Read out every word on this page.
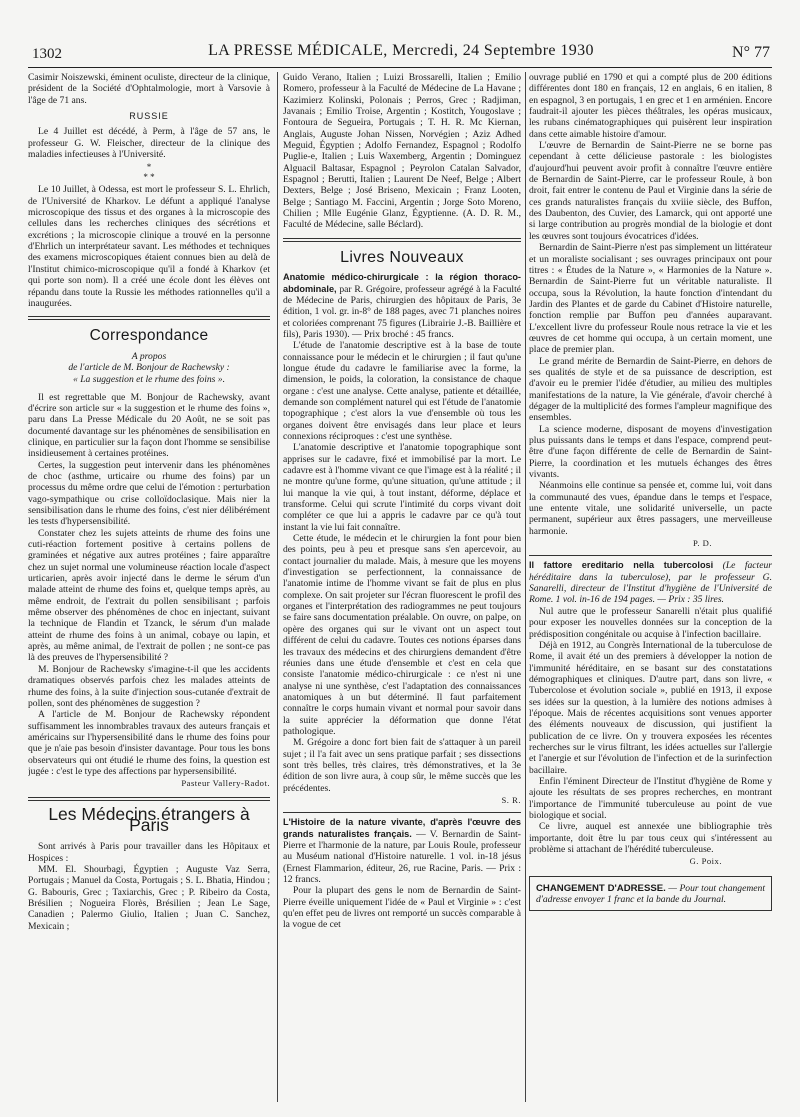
1302	LA PRESSE MÉDICALE, Mercredi, 24 Septembre 1930	N° 77

Casimir Noiszewski, éminent oculiste, directeur de la clinique, président de la Société d'Ophtalmologie, mort à Varsovie à l'âge de 71 ans.

RUSSIE

Le 4 Juillet est décédé, à Perm, à l'âge de 57 ans, le professeur G. W. Fleischer, directeur de la clinique des maladies infectieuses à l'Université.

*
* *

Le 10 Juillet, à Odessa, est mort le professeur S. L. Ehrlich, de l'Université de Kharkov. Le défunt a appliqué l'analyse microscopique des tissus et des organes à la microscopie des cellules dans les recherches cliniques des sécrétions et excrétions ; la microscopie clinique a trouvé en la personne d'Ehrlich un interprétateur savant. Les méthodes et techniques des examens microscopiques étaient connues bien au delà de l'Institut chimico-microscopique qu'il a fondé à Kharkov (et qui porte son nom). Il a créé une école dont les élèves ont répandu dans toute la Russie les méthodes rationnelles qu'il a inaugurées.

Correspondance

A propos

de l'article de M. Bonjour de Rachewsky :

« La suggestion et le rhume des foins ».

Il est regrettable que M. Bonjour de Rachewsky, avant d'écrire son article sur « la suggestion et le rhume des foins », paru dans La Presse Médicale du 20 Août, ne se soit pas documenté davantage sur les phénomènes de sensibilisation en clinique, en particulier sur la façon dont l'homme se sensibilise insidieusement à certaines protéines.

Certes, la suggestion peut intervenir dans les phénomènes de choc (asthme, urticaire ou rhume des foins) par un processus du même ordre que celui de l'émotion : perturbation vago-sympathique ou crise colloïdoclasique. Mais nier la sensibilisation dans le rhume des foins, c'est nier délibérément les tests d'hypersensibilité.

Constater chez les sujets atteints de rhume des foins une cuti-réaction fortement positive à certains pollens de graminées et négative aux autres protéines ; faire apparaître chez un sujet normal une volumineuse réaction locale d'aspect urticarien, après avoir injecté dans le derme le sérum d'un malade atteint de rhume des foins et, quelque temps après, au même endroit, de l'extrait du pollen sensibilisant ; parfois même observer des phénomènes de choc en injectant, suivant la technique de Flandin et Tzanck, le sérum d'un malade atteint de rhume des foins à un animal, cobaye ou lapin, et après, au même animal, de l'extrait de pollen ; ne sont-ce pas là des preuves de l'hypersensibilité ?

M. Bonjour de Rachewsky s'imagine-t-il que les accidents dramatiques observés parfois chez les malades atteints de rhume des foins, à la suite d'injection sous-cutanée d'extrait de pollen, sont des phénomènes de suggestion ?

A l'article de M. Bonjour de Rachewsky répondent suffisamment les innombrables travaux des auteurs français et américains sur l'hypersensibilité dans le rhume des foins pour que je n'aie pas besoin d'insister davantage. Pour tous les bons observateurs qui ont étudié le rhume des foins, la question est jugée : c'est le type des affections par hypersensibilité.

Pasteur Vallery-Radot.
Les Médecins étrangers à Paris

Sont arrivés à Paris pour travailler dans les Hôpitaux et Hospices :

MM. El. Shourbagi, Égyptien ; Auguste Vaz Serra, Portugais ; Manuel da Costa, Portugais ; S. L. Bhatia, Hindou ; G. Babouris, Grec ; Taxiarchis, Grec ; P. Ribeiro da Costa, Brésilien ; Nogueira Florès, Brésilien ; Jean Le Sage, Canadien ; Palermo Giulio, Italien ; Juan C. Sanchez, Mexicain ;

Guido Verano, Italien ; Luizi Brossarelli, Italien ; Emilio Romero, professeur à la Faculté de Médecine de La Havane ; Kazimierz Kolinski, Polonais ; Perros, Grec ; Radjiman, Javanais ; Emilio Troise, Argentin ; Kostitch, Yougoslave ; Fontoura de Segueira, Portugais ; T. H. R. Mc Kiernan, Anglais, Auguste Johan Nissen, Norvégien ; Aziz Adhed Meguid, Égyptien ; Adolfo Fernandez, Espagnol ; Rodolfo Puglie-e, Italien ; Luis Waxemberg, Argentin ; Dominguez Alguacil Baltasar, Espagnol ; Peyrolon Catalan Salvador, Espagnol ; Berutti, Italien ; Laurent De Neef, Belge ; Albert Dexters, Belge ; José Briseno, Mexicain ; Franz Looten, Belge ; Santiago M. Faccini, Argentin ; Jorge Soto Moreno, Chilien ; Mlle Eugénie Glanz, Égyptienne. (A. D. R. M., Faculté de Médecine, salle Béclard).

Livres Nouveaux

Anatomie médico-chirurgicale : la région thoraco-abdominale, par R. Grégoire, professeur agrégé à la Faculté de Médecine de Paris, chirurgien des hôpitaux de Paris, 3e édition, 1 vol. gr. in-8° de 188 pages, avec 71 planches noires et coloriées comprenant 75 figures (Librairie J.-B. Baillière et fils), Paris 1930). — Prix broché : 45 francs.

L'étude de l'anatomie descriptive est à la base de toute connaissance pour le médecin et le chirurgien ; il faut qu'une longue étude du cadavre le familiarise avec la forme, la dimension, le poids, la coloration, la consistance de chaque organe : c'est une analyse. Cette analyse, patiente et détaillée, demande son complément naturel qui est l'étude de l'anatomie topographique ; c'est alors la vue d'ensemble où tous les organes doivent être envisagés dans leur place et leurs connexions réciproques : c'est une synthèse.

L'anatomie descriptive et l'anatomie topographique sont apprises sur le cadavre, fixé et immobilisé par la mort. Le cadavre est à l'homme vivant ce que l'image est à la réalité ; il ne montre qu'une forme, qu'une situation, qu'une attitude ; il lui manque la vie qui, à tout instant, déforme, déplace et transforme. Celui qui scrute l'intimité du corps vivant doit compléter ce que lui a appris le cadavre par ce qu'à tout instant la vie lui fait connaître.

Cette étude, le médecin et le chirurgien la font pour bien des points, peu à peu et presque sans s'en apercevoir, au contact journalier du malade. Mais, à mesure que les moyens d'investigation se perfectionnent, la connaissance de l'anatomie intime de l'homme vivant se fait de plus en plus complexe. On sait projeter sur l'écran fluorescent le profil des organes et l'interprétation des radiogrammes ne peut toujours se faire sans documentation préalable. On ouvre, on palpe, on opère des organes qui sur le vivant ont un aspect tout différent de celui du cadavre. Toutes ces notions éparses dans les travaux des médecins et des chirurgiens demandent d'être réunies dans une étude d'ensemble et c'est en cela que consiste l'anatomie médico-chirurgicale : ce n'est ni une analyse ni une synthèse, c'est l'adaptation des connaissances anatomiques à un but déterminé. Il faut parfaitement connaître le corps humain vivant et normal pour savoir dans la suite apprécier la déformation que donne l'état pathologique.

M. Grégoire a donc fort bien fait de s'attaquer à un pareil sujet ; il l'a fait avec un sens pratique parfait ; ses dissections sont très belles, très claires, très démonstratives, et la 3e édition de son livre aura, à coup sûr, le même succès que les précédentes.

S. R.

L'Histoire de la nature vivante, d'après l'œuvre des grands naturalistes français. — V. Bernardin de Saint-Pierre et l'harmonie de la nature, par Louis Roule, professeur au Muséum national d'Histoire naturelle. 1 vol. in-18 jésus (Ernest Flammarion, éditeur, 26, rue Racine, Paris. — Prix : 12 francs.

Pour la plupart des gens le nom de Bernardin de Saint-Pierre éveille uniquement l'idée de « Paul et Virginie » : c'est qu'en effet peu de livres ont remporté un succès comparable à la vogue de cet

ouvrage publié en 1790 et qui a compté plus de 200 éditions différentes dont 180 en français, 12 en anglais, 6 en italien, 8 en espagnol, 3 en portugais, 1 en grec et 1 en arménien. Encore faudrait-il ajouter les pièces théâtrales, les opéras musicaux, les rubans cinématographiques qui puisèrent leur inspiration dans cette aimable histoire d'amour.

L'œuvre de Bernardin de Saint-Pierre ne se borne pas cependant à cette délicieuse pastorale : les biologistes d'aujourd'hui peuvent avoir profit à connaître l'œuvre entière de Bernardin de Saint-Pierre, car le professeur Roule, à bon droit, fait entrer le contenu de Paul et Virginie dans la série de ces grands naturalistes français du xviiie siècle, des Buffon, des Daubenton, des Cuvier, des Lamarck, qui ont apporté une si large contribution au progrès mondial de la biologie et dont les œuvres sont toujours évocatrices d'idées.

Bernardin de Saint-Pierre n'est pas simplement un littérateur et un moraliste socialisant ; ses ouvrages principaux ont pour titres : « Études de la Nature », « Harmonies de la Nature ». Bernardin de Saint-Pierre fut un véritable naturaliste. Il occupa, sous la Révolution, la haute fonction d'intendant du Jardin des Plantes et de garde du Cabinet d'Histoire naturelle, fonction remplie par Buffon peu d'années auparavant. L'excellent livre du professeur Roule nous retrace la vie et les œuvres de cet homme qui occupa, à un certain moment, une place de premier plan.

Le grand mérite de Bernardin de Saint-Pierre, en dehors de ses qualités de style et de sa puissance de description, est d'avoir eu le premier l'idée d'étudier, au milieu des multiples manifestations de la nature, la Vie générale, d'avoir cherché à dégager de la multiplicité des formes l'ampleur magnifique des ensembles.

La science moderne, disposant de moyens d'investigation plus puissants dans le temps et dans l'espace, comprend peut-être d'une façon différente de celle de Bernardin de Saint-Pierre, la coordination et les mutuels échanges des êtres vivants.

Néanmoins elle continue sa pensée et, comme lui, voit dans la communauté des vues, épandue dans le temps et l'espace, une entente vitale, une solidarité universelle, un pacte permanent, supérieur aux êtres passagers, une merveilleuse harmonie.

P. D.

Il fattore ereditario nella tubercolosi (Le facteur héréditaire dans la tuberculose), par le professeur G. Sanarelli, directeur de l'Institut d'hygiène de l'Université de Rome. 1 vol. in-16 de 194 pages. — Prix : 35 lires.

Nul autre que le professeur Sanarelli n'était plus qualifié pour exposer les nouvelles données sur la conception de la prédisposition congénitale ou acquise à l'infection bacillaire.

Déjà en 1912, au Congrès International de la tuberculose de Rome, il avait été un des premiers à développer la notion de l'immunité héréditaire, en se basant sur des constatations démographiques et cliniques. D'autre part, dans son livre, « Tubercolose et évolution sociale », publié en 1913, il expose ses idées sur la question, à la lumière des notions admises à l'époque. Mais de récentes acquisitions sont venues apporter des éléments nouveaux de discussion, qui justifient la publication de ce livre. On y trouvera exposées les récentes recherches sur le virus filtrant, les idées actuelles sur l'allergie et l'anergie et sur l'évolution de l'infection et de la surinfection bacillaire.

Enfin l'éminent Directeur de l'Institut d'hygiène de Rome y ajoute les résultats de ses propres recherches, en montrant l'importance de l'immunité tuberculeuse au point de vue biologique et social.

Ce livre, auquel est annexée une bibliographie très importante, doit être lu par tous ceux qui s'intéressent au problème si attachant de l'hérédité tuberculeuse.

G. Poix.
CHANGEMENT D'ADRESSE. — Pour tout changement d'adresse envoyer 1 franc et la bande du Journal.
